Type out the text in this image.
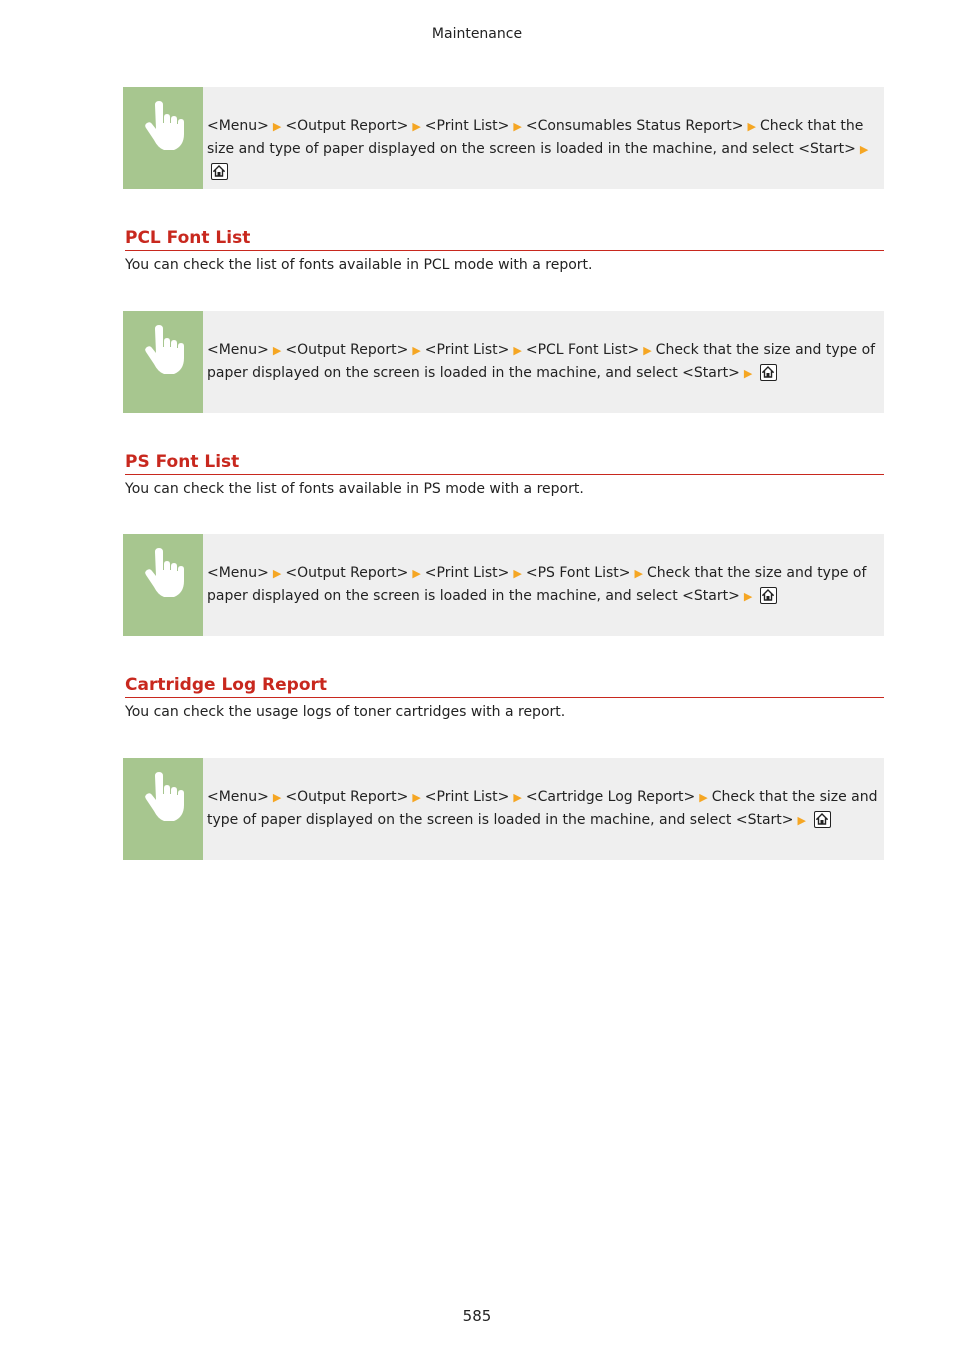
Maintenance
<Menu> ▶ <Output Report> ▶ <Print List> ▶ <Consumables Status Report> ▶ Check that the size and type of paper displayed on the screen is loaded in the machine, and select <Start> ▶
PCL Font List
You can check the list of fonts available in PCL mode with a report.
<Menu> ▶ <Output Report> ▶ <Print List> ▶ <PCL Font List> ▶ Check that the size and type of paper displayed on the screen is loaded in the machine, and select <Start> ▶
PS Font List
You can check the list of fonts available in PS mode with a report.
<Menu> ▶ <Output Report> ▶ <Print List> ▶ <PS Font List> ▶ Check that the size and type of paper displayed on the screen is loaded in the machine, and select <Start> ▶
Cartridge Log Report
You can check the usage logs of toner cartridges with a report.
<Menu> ▶ <Output Report> ▶ <Print List> ▶ <Cartridge Log Report> ▶ Check that the size and type of paper displayed on the screen is loaded in the machine, and select <Start> ▶
585
